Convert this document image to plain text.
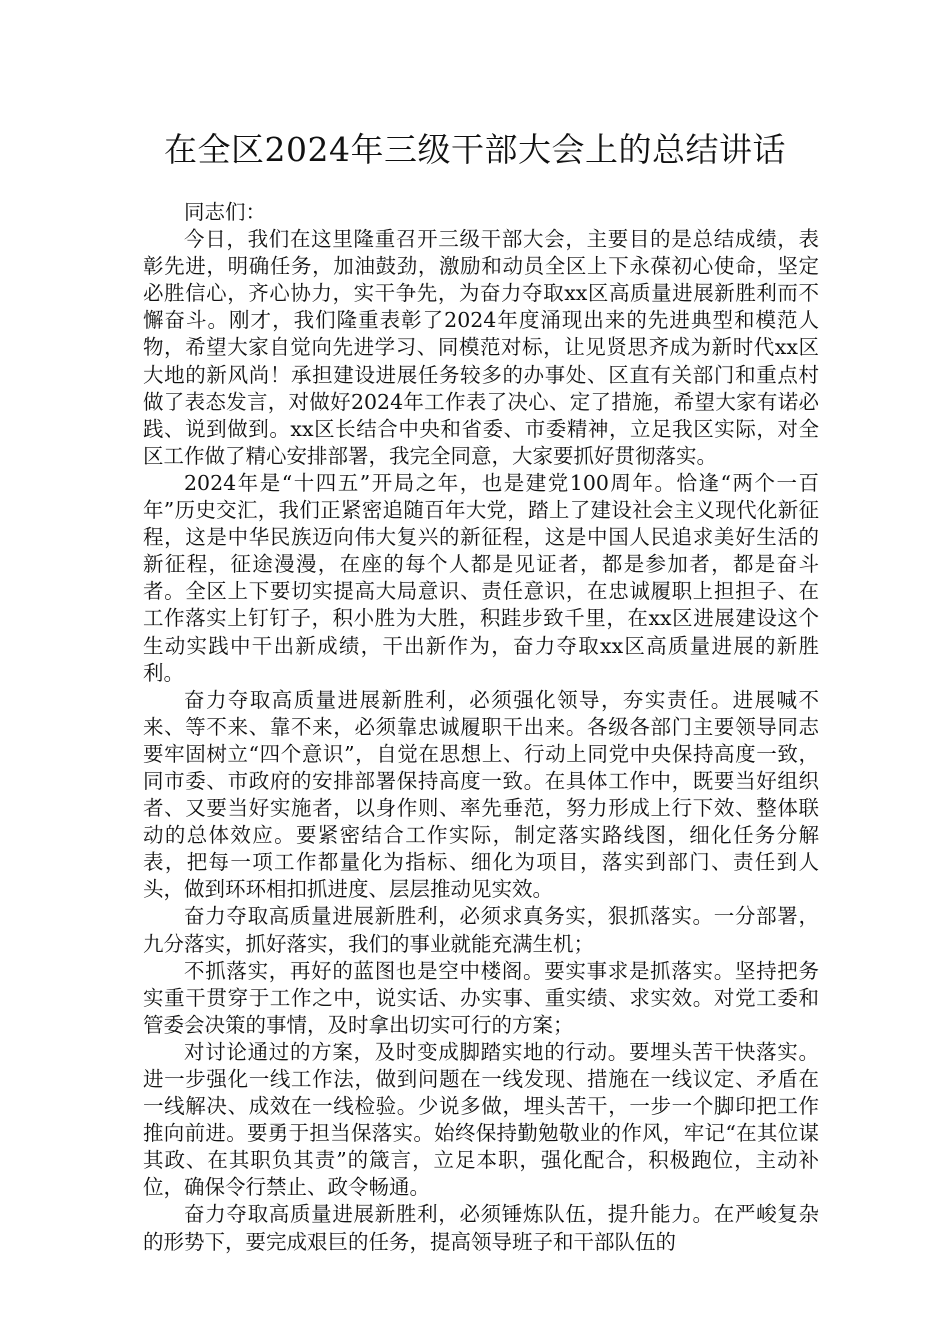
在全区2024年三级干部大会上的总结讲话

同志们：

今日，我们在这里隆重召开三级干部大会，主要目的是总结成绩，表彰先进，明确任务，加油鼓劲，激励和动员全区上下永葆初心使命，坚定必胜信心，齐心协力，实干争先，为奋力夺取xx区高质量进展新胜利而不懈奋斗。刚才，我们隆重表彰了2024年度涌现出来的先进典型和模范人物，希望大家自觉向先进学习、同模范对标，让见贤思齐成为新时代xx区大地的新风尚！承担建设进展任务较多的办事处、区直有关部门和重点村做了表态发言，对做好2024年工作表了决心、定了措施，希望大家有诺必践、说到做到。xx区长结合中央和省委、市委精神，立足我区实际，对全区工作做了精心安排部署，我完全同意，大家要抓好贯彻落实。

2024年是“十四五”开局之年，也是建党100周年。恰逢“两个一百年”历史交汇，我们正紧密追随百年大党，踏上了建设社会主义现代化新征程，这是中华民族迈向伟大复兴的新征程，这是中国人民追求美好生活的新征程，征途漫漫，在座的每个人都是见证者，都是参加者，都是奋斗者。全区上下要切实提高大局意识、责任意识，在忠诚履职上担担子、在工作落实上钉钉子，积小胜为大胜，积跬步致千里，在xx区进展建设这个生动实践中干出新成绩，干出新作为，奋力夺取xx区高质量进展的新胜利。

奋力夺取高质量进展新胜利，必须强化领导，夯实责任。进展喊不来、等不来、靠不来，必须靠忠诚履职干出来。各级各部门主要领导同志要牢固树立“四个意识”，自觉在思想上、行动上同党中央保持高度一致，同市委、市政府的安排部署保持高度一致。在具体工作中，既要当好组织者、又要当好实施者，以身作则、率先垂范，努力形成上行下效、整体联动的总体效应。要紧密结合工作实际，制定落实路线图，细化任务分解表，把每一项工作都量化为指标、细化为项目，落实到部门、责任到人头，做到环环相扣抓进度、层层推动见实效。

奋力夺取高质量进展新胜利，必须求真务实，狠抓落实。一分部署，九分落实，抓好落实，我们的事业就能充满生机；

不抓落实，再好的蓝图也是空中楼阁。要实事求是抓落实。坚持把务实重干贯穿于工作之中，说实话、办实事、重实绩、求实效。对党工委和管委会决策的事情，及时拿出切实可行的方案；

对讨论通过的方案，及时变成脚踏实地的行动。要埋头苦干快落实。进一步强化一线工作法，做到问题在一线发现、措施在一线议定、矛盾在一线解决、成效在一线检验。少说多做，埋头苦干，一步一个脚印把工作推向前进。要勇于担当保落实。始终保持勤勉敬业的作风，牢记“在其位谋其政、在其职负其责”的箴言，立足本职，强化配合，积极跑位，主动补位，确保令行禁止、政令畅通。

奋力夺取高质量进展新胜利，必须锤炼队伍，提升能力。在严峻复杂的形势下，要完成艰巨的任务，提高领导班子和干部队伍的
